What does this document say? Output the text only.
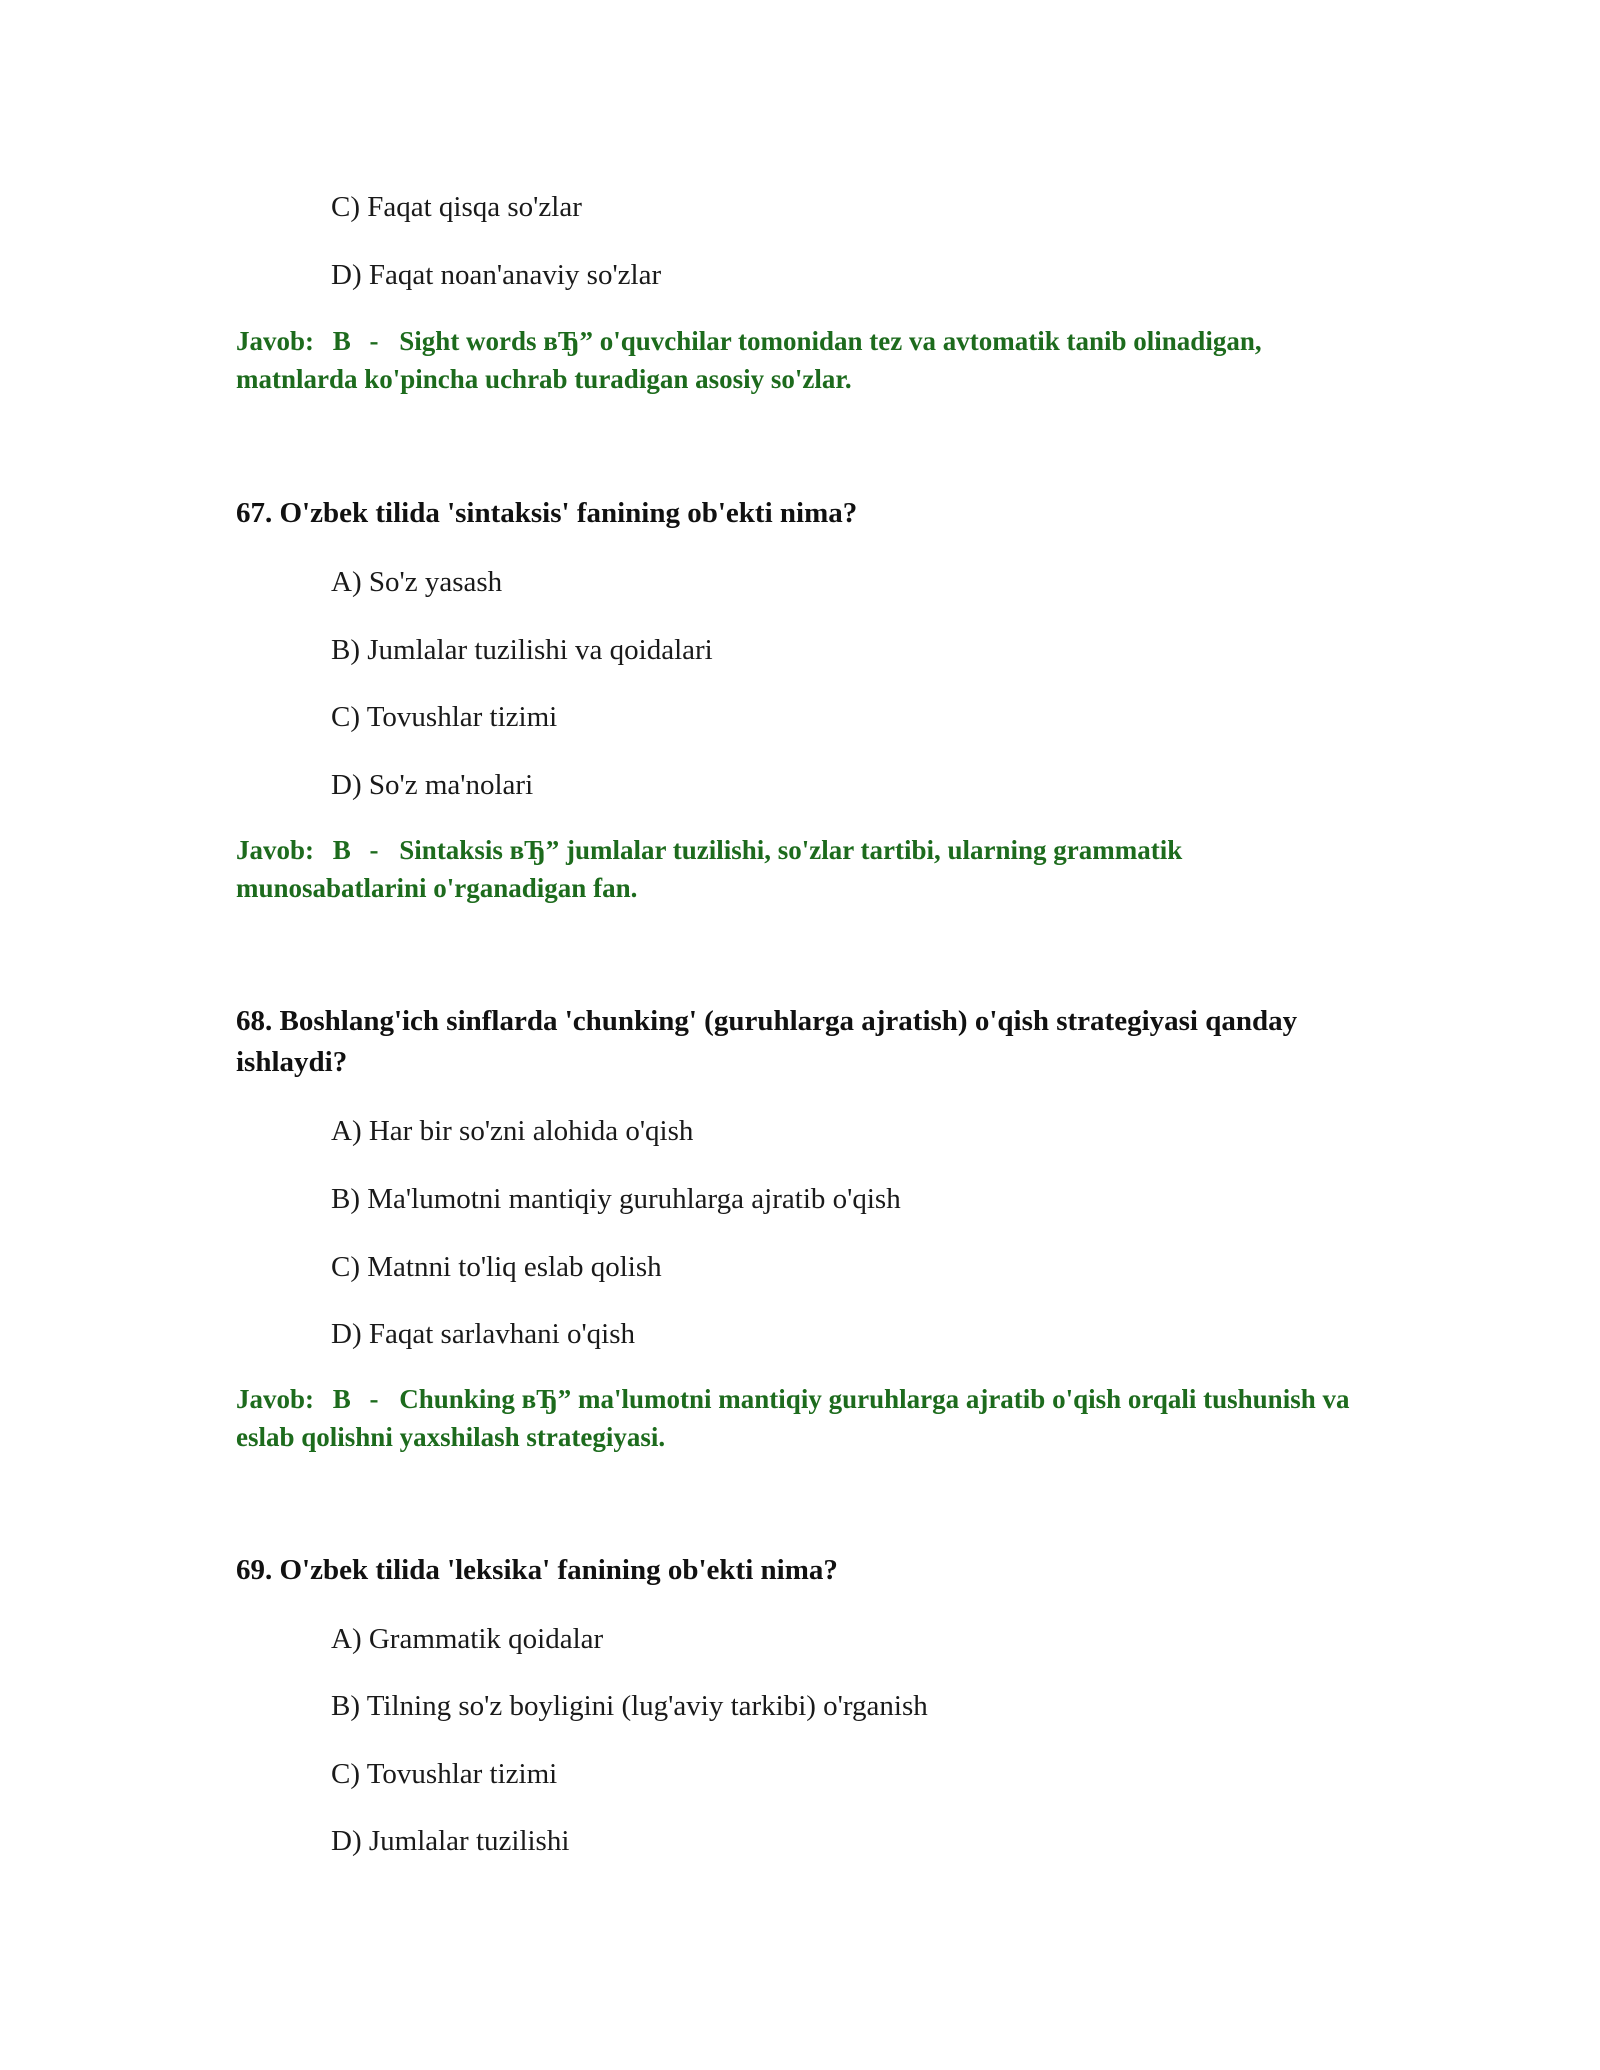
C) Faqat qisqa so'zlar
D) Faqat noan'anaviy so'zlar
Javob: B - Sight words вЂ” o'quvchilar tomonidan tez va avtomatik tanib olinadigan, matnlarda ko'pincha uchrab turadigan asosiy so'zlar.
67. O'zbek tilida 'sintaksis' fanining ob'ekti nima?
A) So'z yasash
B) Jumlalar tuzilishi va qoidalari
C) Tovushlar tizimi
D) So'z ma'nolari
Javob: B - Sintaksis вЂ” jumlalar tuzilishi, so'zlar tartibi, ularning grammatik munosabatlarini o'rganadigan fan.
68. Boshlang'ich sinflarda 'chunking' (guruhlarga ajratish) o'qish strategiyasi qanday ishlaydi?
A) Har bir so'zni alohida o'qish
B) Ma'lumotni mantiqiy guruhlarga ajratib o'qish
C) Matnni to'liq eslab qolish
D) Faqat sarlavhani o'qish
Javob: B - Chunking вЂ” ma'lumotni mantiqiy guruhlarga ajratib o'qish orqali tushunish va eslab qolishni yaxshilash strategiyasi.
69. O'zbek tilida 'leksika' fanining ob'ekti nima?
A) Grammatik qoidalar
B) Tilning so'z boyligini (lug'aviy tarkibi) o'rganish
C) Tovushlar tizimi
D) Jumlalar tuzilishi
